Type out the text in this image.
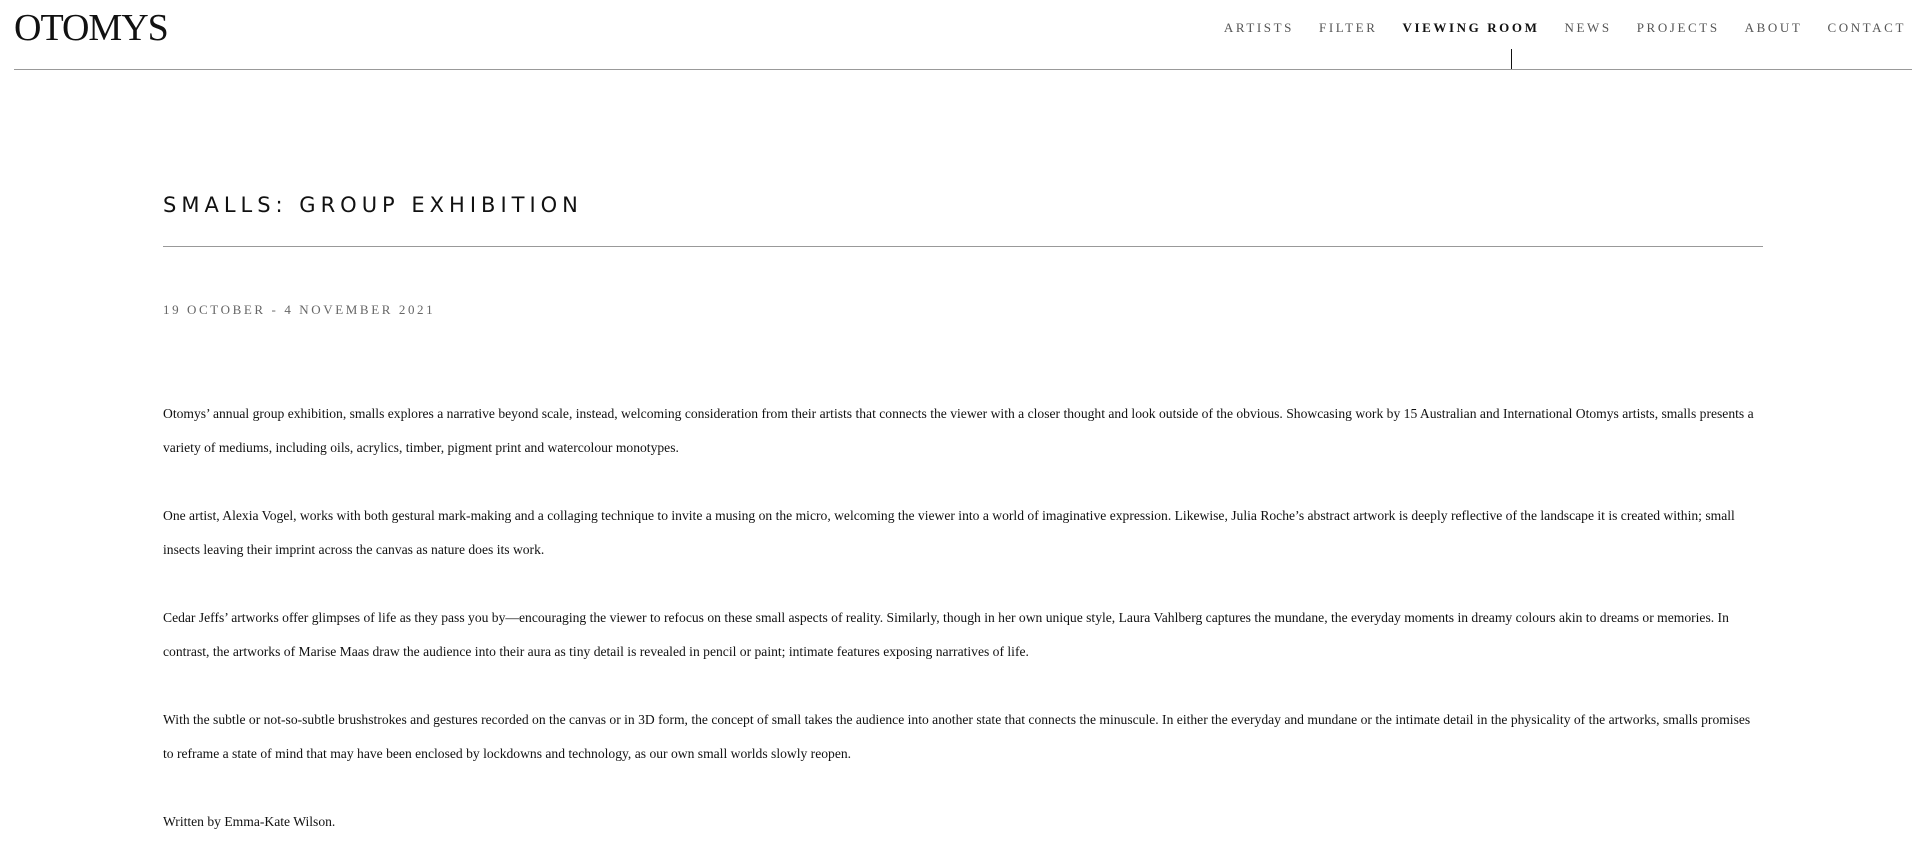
OTOMYS	ARTISTS FILTER VIEWING ROOM NEWS PROJECTS ABOUT CONTACT
SMALLS: GROUP EXHIBITION
19 OCTOBER - 4 NOVEMBER 2021

Otomys’ annual group exhibition, smalls explores a narrative beyond scale, instead, welcoming consideration from their artists that connects the viewer with a closer thought and look outside of the obvious. Showcasing work by 15 Australian and International Otomys artists, smalls presents a variety of mediums, including oils, acrylics, timber, pigment print and watercolour monotypes.

One artist, Alexia Vogel, works with both gestural mark-making and a collaging technique to invite a musing on the micro, welcoming the viewer into a world of imaginative expression. Likewise, Julia Roche’s abstract artwork is deeply reflective of the landscape it is created within; small insects leaving their imprint across the canvas as nature does its work.

Cedar Jeffs’ artworks offer glimpses of life as they pass you by—encouraging the viewer to refocus on these small aspects of reality. Similarly, though in her own unique style, Laura Vahlberg captures the mundane, the everyday moments in dreamy colours akin to dreams or memories. In contrast, the artworks of Marise Maas draw the audience into their aura as tiny detail is revealed in pencil or paint; intimate features exposing narratives of life.

With the subtle or not-so-subtle brushstrokes and gestures recorded on the canvas or in 3D form, the concept of small takes the audience into another state that connects the minuscule. In either the everyday and mundane or the intimate detail in the physicality of the artworks, smalls promises to reframe a state of mind that may have been enclosed by lockdowns and technology, as our own small worlds slowly reopen.

Written by Emma-Kate Wilson.
